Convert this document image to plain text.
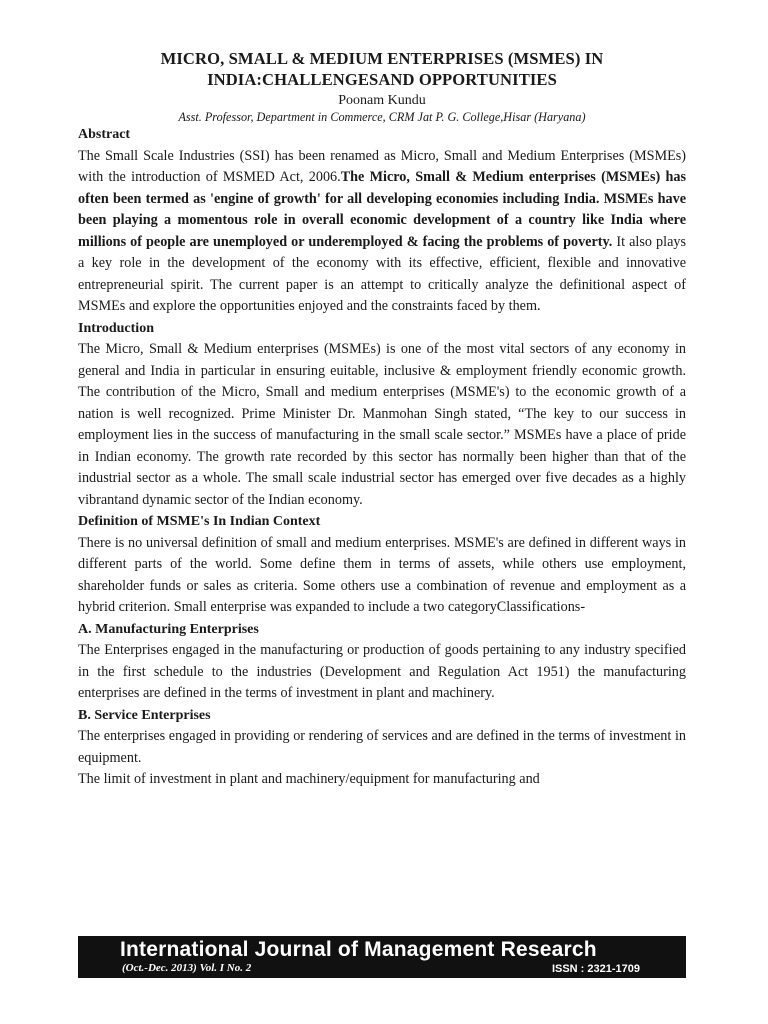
MICRO, SMALL & MEDIUM ENTERPRISES (MSMES) IN
INDIA:CHALLENGESAND OPPORTUNITIES
Poonam Kundu
Asst. Professor, Department in Commerce, CRM Jat P. G. College,Hisar (Haryana)
Abstract

The Small Scale Industries (SSI) has been renamed as Micro, Small and Medium Enterprises (MSMEs) with the introduction of MSMED Act, 2006.The Micro, Small & Medium enterprises (MSMEs) has often been termed as 'engine of growth' for all developing economies including India. MSMEs have been playing a momentous role in overall economic development of a country like India where millions of people are unemployed or underemployed & facing the problems of poverty. It also plays a key role in the development of the economy with its effective, efficient, flexible and innovative entrepreneurial spirit. The current paper is an attempt to critically analyze the definitional aspect of MSMEs and explore the opportunities enjoyed and the constraints faced by them.

Introduction

The Micro, Small & Medium enterprises (MSMEs) is one of the most vital sectors of any economy in general and India in particular in ensuring euitable, inclusive & employment friendly economic growth. The contribution of the Micro, Small and medium enterprises (MSME's) to the economic growth of a nation is well recognized. Prime Minister Dr. Manmohan Singh stated, “The key to our success in employment lies in the success of manufacturing in the small scale sector.” MSMEs have a place of pride in Indian economy. The growth rate recorded by this sector has normally been higher than that of the industrial sector as a whole. The small scale industrial sector has emerged over five decades as a highly vibrantand dynamic sector of the Indian economy.

Definition of MSME's In Indian Context

There is no universal definition of small and medium enterprises. MSME's are defined in different ways in different parts of the world. Some define them in terms of assets, while others use employment, shareholder funds or sales as criteria. Some others use a combination of revenue and employment as a hybrid criterion. Small enterprise was expanded to include a two categoryClassifications-

A. Manufacturing Enterprises

The Enterprises engaged in the manufacturing or production of goods pertaining to any industry specified in the first schedule to the industries (Development and Regulation Act 1951) the manufacturing enterprises are defined in the terms of investment in plant and machinery.

B. Service Enterprises

The enterprises engaged in providing or rendering of services and are defined in the terms of investment in equipment.

The limit of investment in plant and machinery/equipment for manufacturing and

International Journal of Management Research
(Oct.-Dec. 2013) Vol. I No. 2	ISSN : 2321-1709
